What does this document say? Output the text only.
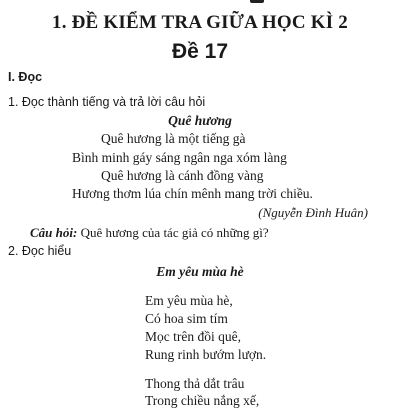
1. ĐỀ KIỂM TRA GIỮA HỌC KÌ 2
Đề 17
I. Đọc
1. Đọc thành tiếng và trả lời câu hỏi
Quê hương
Quê hương là một tiếng gà
Bình minh gáy sáng ngân nga xóm làng
Quê hương là cánh đồng vàng
Hương thơm lúa chín mênh mang trời chiều.
(Nguyễn Đình Huân)
Câu hỏi: Quê hương của tác giả có những gì?
2. Đọc hiểu
Em yêu mùa hè
Em yêu mùa hè,
Có hoa sim tím
Mọc trên đồi quê,
Rung rinh bướm lượn.
Thong thả dắt trâu
Trong chiều nắng xế,
